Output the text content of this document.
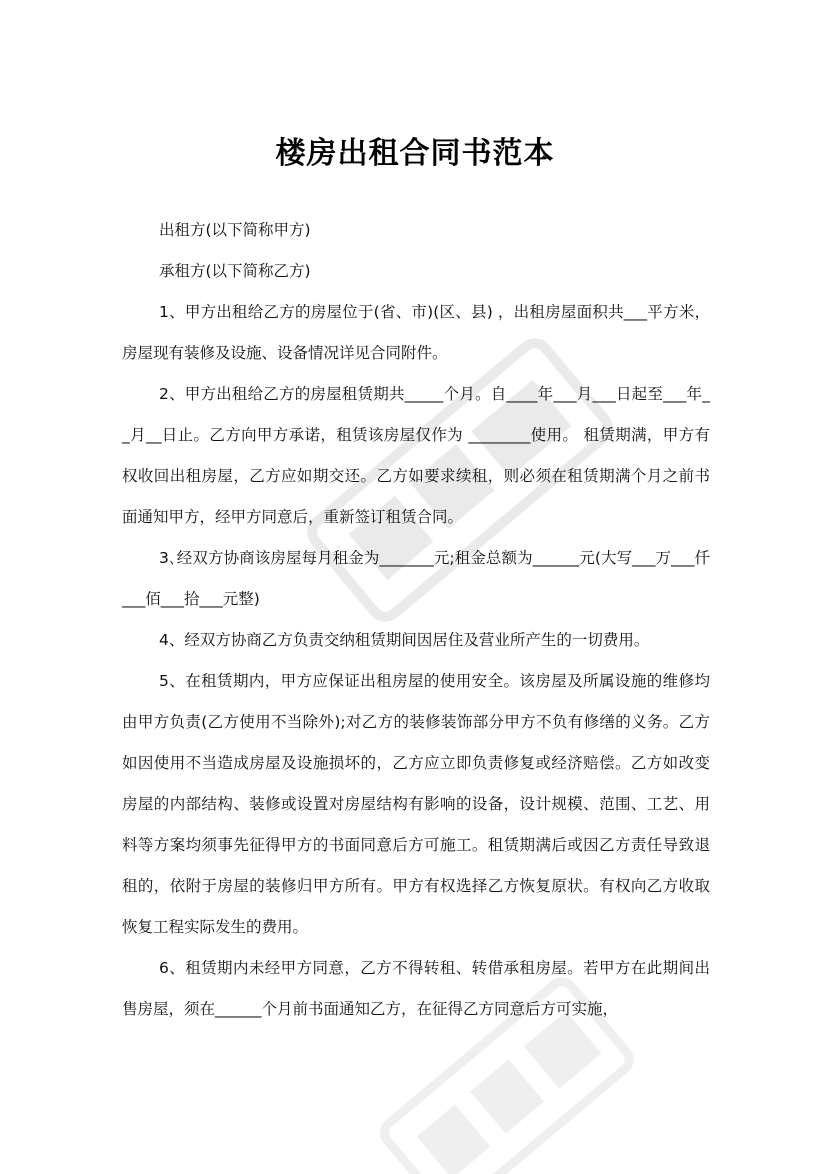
楼房出租合同书范本

出租方(以下简称甲方)

承租方(以下简称乙方)

1、甲方出租给乙方的房屋位于(省、市)(区、县) ，出租房屋面积共___平方米，房屋现有装修及设施、设备情况详见合同附件。

2、甲方出租给乙方的房屋租赁期共_____个月。自____年___月___日起至___年__月__日止。乙方向甲方承诺，租赁该房屋仅作为 ________使用。 租赁期满，甲方有权收回出租房屋，乙方应如期交还。乙方如要求续租，则必须在租赁期满个月之前书面通知甲方，经甲方同意后，重新签订租赁合同。

3､经双方协商该房屋每月租金为_______元;租金总额为______元(大写___万___仟___佰___拾___元整)

4、经双方协商乙方负责交纳租赁期间因居住及营业所产生的一切费用。

5、在租赁期内，甲方应保证出租房屋的使用安全。该房屋及所属设施的维修均由甲方负责(乙方使用不当除外);对乙方的装修装饰部分甲方不负有修缮的义务。乙方如因使用不当造成房屋及设施损坏的，乙方应立即负责修复或经济赔偿。乙方如改变房屋的内部结构、装修或设置对房屋结构有影响的设备，设计规模、范围、工艺、用料等方案均须事先征得甲方的书面同意后方可施工。租赁期满后或因乙方责任导致退租的，依附于房屋的装修归甲方所有。甲方有权选择乙方恢复原状。有权向乙方收取恢复工程实际发生的费用。

6、租赁期内未经甲方同意，乙方不得转租、转借承租房屋。若甲方在此期间出售房屋，须在______个月前书面通知乙方，在征得乙方同意后方可实施，
